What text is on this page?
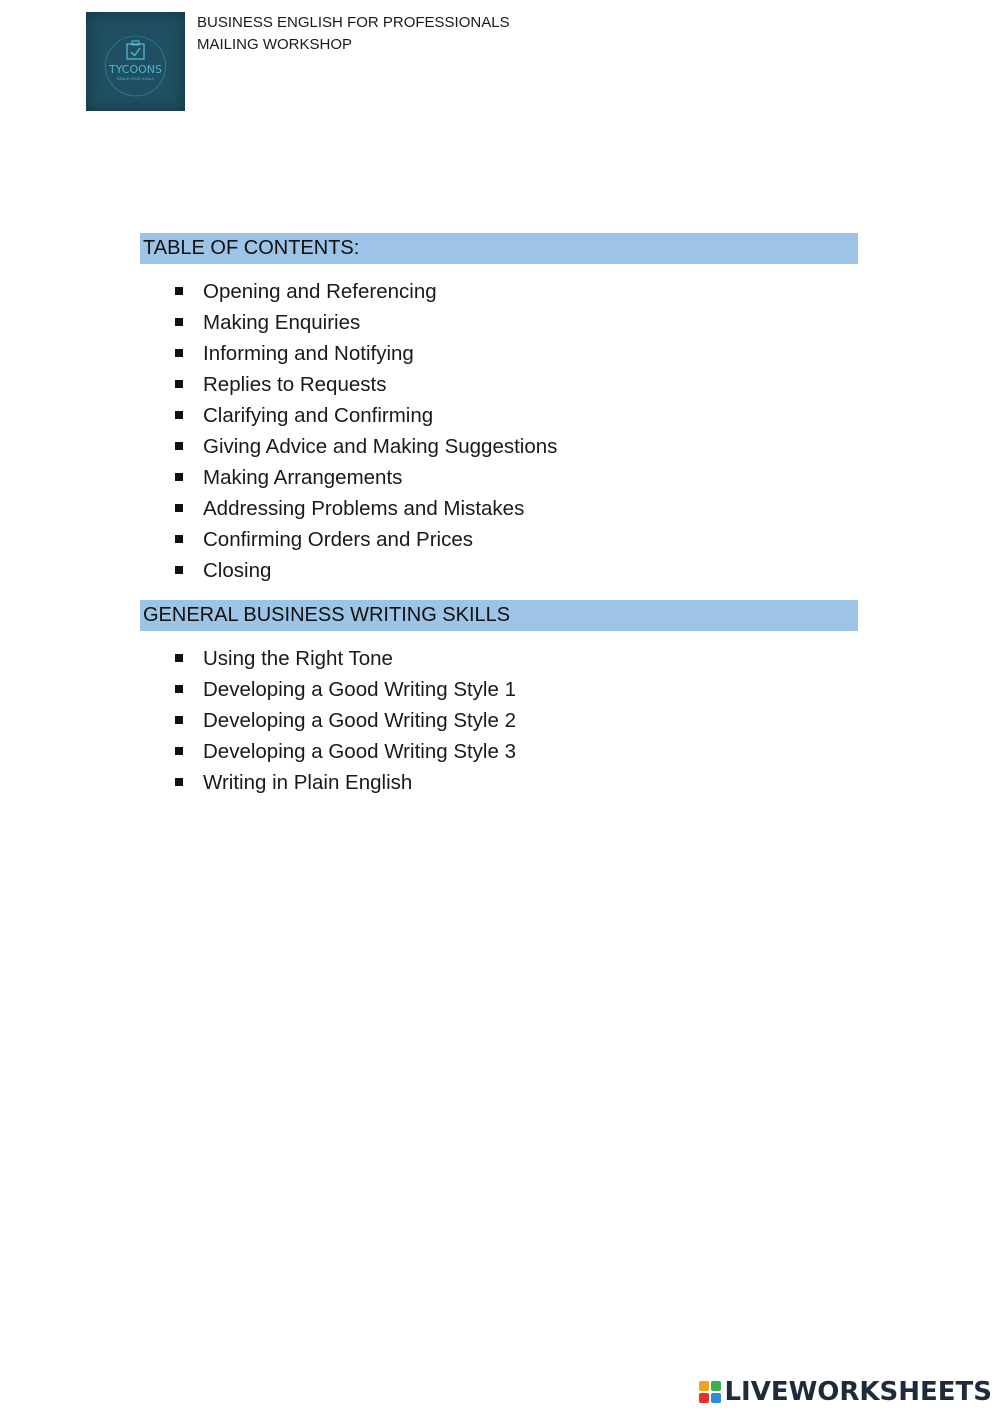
TYCOONS
REACH YOUR GOALS
BUSINESS ENGLISH FOR PROFESSIONALS
MAILING WORKSHOP
TABLE OF CONTENTS:
Opening and Referencing
Making Enquiries
Informing and Notifying
Replies to Requests
Clarifying and Confirming
Giving Advice and Making Suggestions
Making Arrangements
Addressing Problems and Mistakes
Confirming Orders and Prices
Closing
GENERAL BUSINESS WRITING SKILLS
Using the Right Tone
Developing a Good Writing Style 1
Developing a Good Writing Style 2
Developing a Good Writing Style 3
Writing in Plain English
LIVEWORKSHEETS
